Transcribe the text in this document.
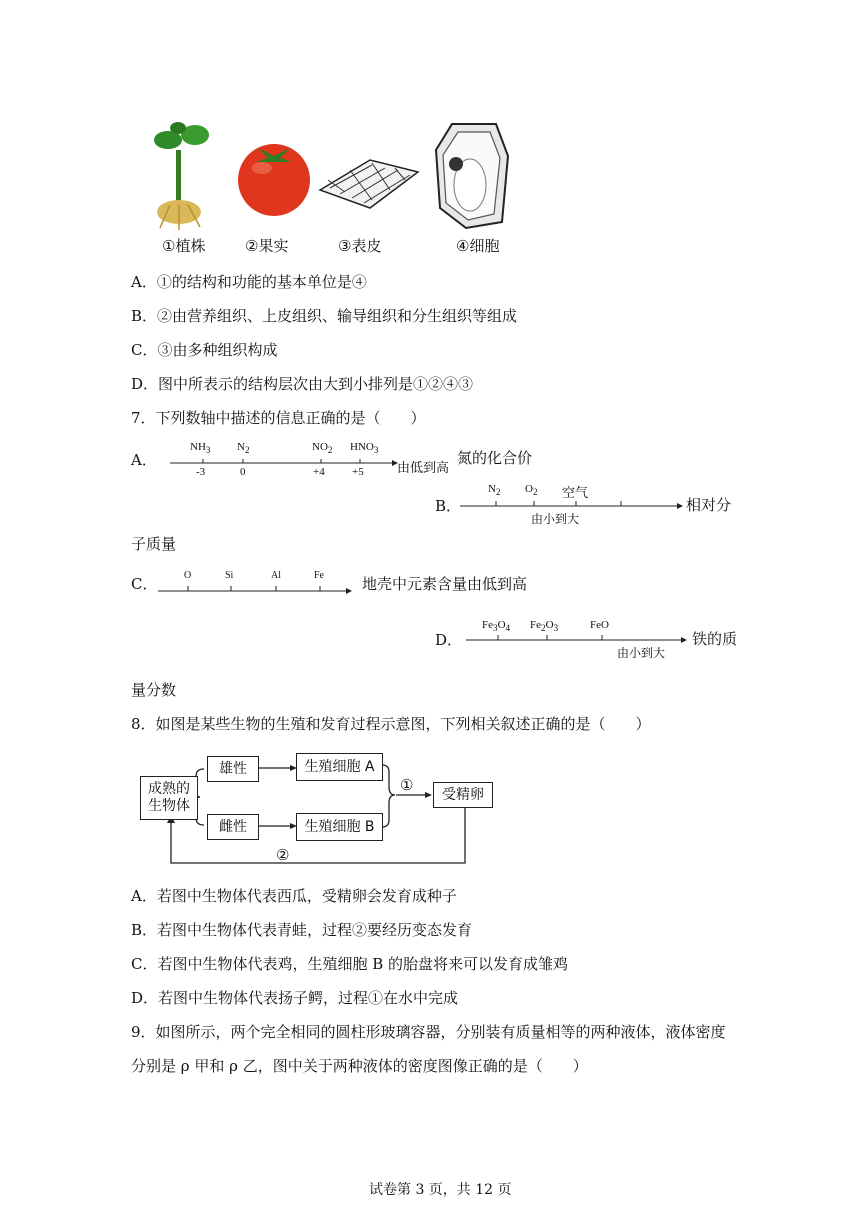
①植株	②果实	③表皮	④细胞
A．①的结构和功能的基本单位是④
B．②由营养组织、上皮组织、输导组织和分生组织等组成
C．③由多种组织构成
D．图中所表示的结构层次由大到小排列是①②④③
7．下列数轴中描述的信息正确的是（　　）
A．
$NH_3$ $N_2$	$NO_2$ $HNO_3$
-3	0	+4 +5	由低到高
氮的化合价
B．
$N_2$ $O_2$ 空气
由小到大
相对分
子质量
C．	O	Si	Al	Fe	地壳中元素含量由低到高
D．
$Fe_3O_4$ $Fe_2O_3$	FeO
由小到大
铁的质
量分数
8．如图是某些生物的生殖和发育过程示意图，下列相关叙述正确的是（　　）
成熟的
生物体
雄性
雌性
生殖细胞 A
生殖细胞 B
受精卵
①
②
A．若图中生物体代表西瓜，受精卵会发育成种子
B．若图中生物体代表青蛙，过程②要经历变态发育
C．若图中生物体代表鸡，生殖细胞 B 的胎盘将来可以发育成雏鸡
D．若图中生物体代表扬子鳄，过程①在水中完成
9．如图所示，两个完全相同的圆柱形玻璃容器，分别装有质量相等的两种液体，液体密度
分别是 ρ 甲和 ρ 乙，图中关于两种液体的密度图像正确的是（　　）
试卷第 3 页，共 12 页
